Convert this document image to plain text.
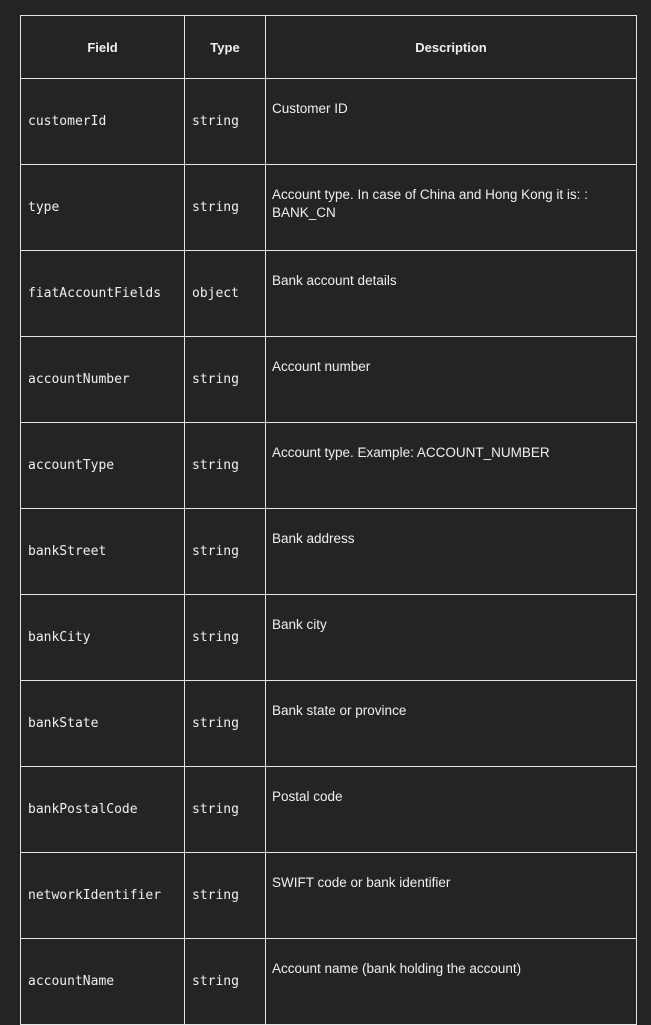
Field	Type	Description
customerId	string	Customer ID
type	string	Account type. In case of China and Hong Kong it is: : BANK_CN
fiatAccountFields	object	Bank account details
accountNumber	string	Account number
accountType	string	Account type. Example: ACCOUNT_NUMBER
bankStreet	string	Bank address
bankCity	string	Bank city
bankState	string	Bank state or province
bankPostalCode	string	Postal code
networkIdentifier	string	SWIFT code or bank identifier
accountName	string	Account name (bank holding the account)
